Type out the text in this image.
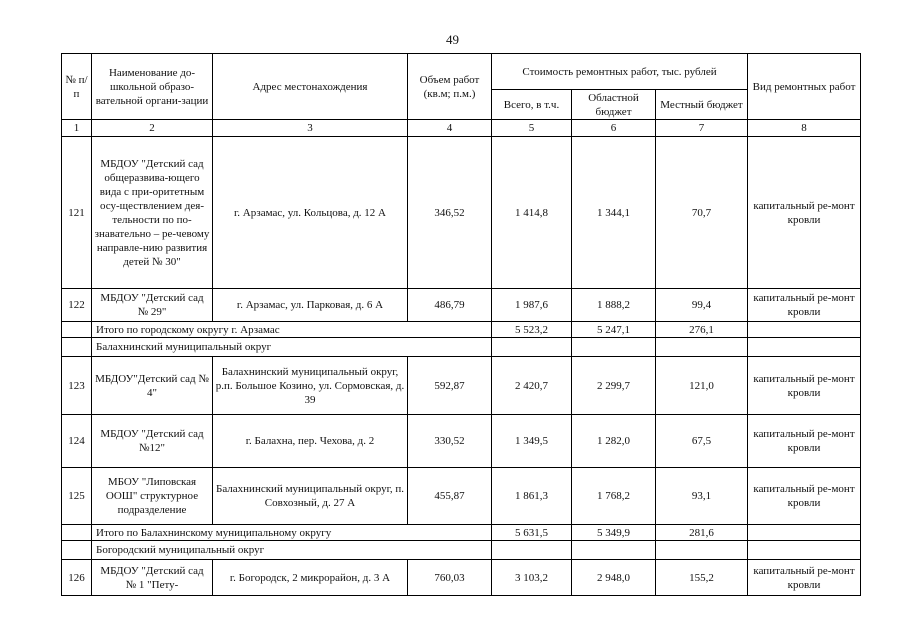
49
№ п/п	Наименование до-школьной образо-вательной органи-зации	Адрес местонахождения	Объем работ (кв.м; п.м.)	Стоимость ремонтных работ, тыс. рублей			Вид ремонтных работ
				Всего, в т.ч.	Областной бюджет	Местный бюджет	
1	2	3	4	5	6	7	8
121	МБДОУ "Детский сад общеразвива-ющего вида с при-оритетным осу-ществлением дея-тельности по по-знавательно – ре-чевому направле-нию развития детей № 30"	г. Арзамас, ул. Кольцова, д. 12 А	346,52	1 414,8	1 344,1	70,7	капитальный ре-монт кровли
122	МБДОУ "Детский сад № 29"	г. Арзамас, ул. Парковая, д. 6 А	486,79	1 987,6	1 888,2	99,4	капитальный ре-монт кровли
	Итого по городскому округу г. Арзамас			5 523,2	5 247,1	276,1	
	Балахнинский муниципальный округ						
123	МБДОУ"Детский сад № 4"	Балахнинский муниципальный округ, р.п. Большое Козино, ул. Сормовская, д. 39	592,87	2 420,7	2 299,7	121,0	капитальный ре-монт кровли
124	МБДОУ "Детский сад №12"	г. Балахна, пер. Чехова, д. 2	330,52	1 349,5	1 282,0	67,5	капитальный ре-монт кровли
125	МБОУ "Липовская ООШ" структурное подразделение	Балахнинский муниципальный округ, п. Совхозный, д. 27 А	455,87	1 861,3	1 768,2	93,1	капитальный ре-монт кровли
	Итого по Балахнинскому муниципальному округу			5 631,5	5 349,9	281,6	
	Богородский муниципальный округ						
126	МБДОУ "Детский сад № 1 "Пету-	г. Богородск, 2 микрорайон, д. 3 А	760,03	3 103,2	2 948,0	155,2	капитальный ре-монт кровли
